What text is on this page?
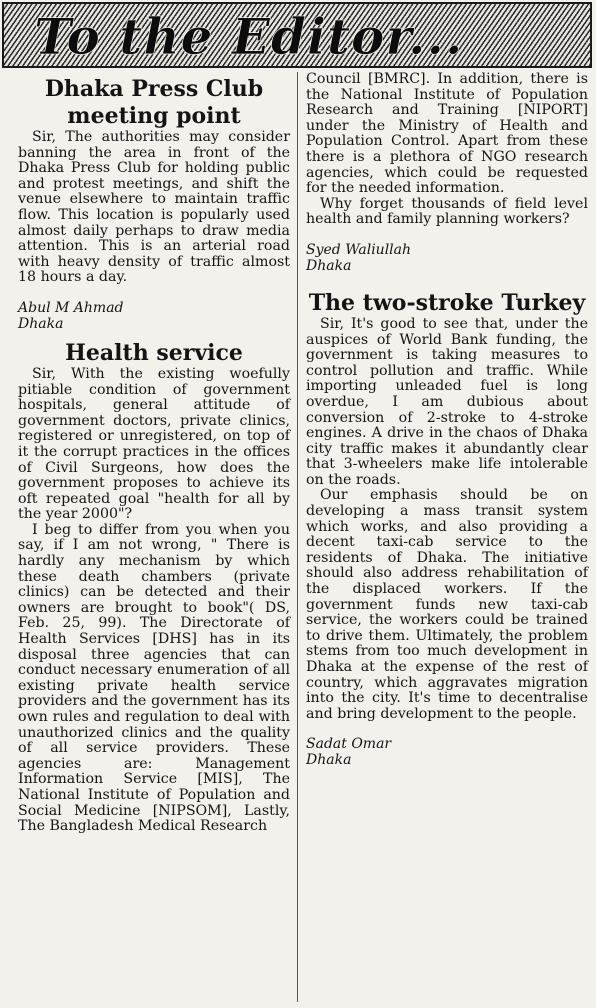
To the Editor...
Dhaka Press Club meeting point

Sir, The authorities may consider banning the area in front of the Dhaka Press Club for holding public and protest meetings, and shift the venue elsewhere to maintain traffic flow. This location is popularly used almost daily perhaps to draw media attention. This is an arterial road with heavy density of traffic almost 18 hours a day.

Abul M Ahmad

Dhaka

Health service

Sir, With the existing woefully pitiable condition of government hospitals, general attitude of government doctors, private clinics, registered or unregistered, on top of it the corrupt practices in the offices of Civil Surgeons, how does the government proposes to achieve its oft repeated goal "health for all by the year 2000"?

I beg to differ from you when you say, if I am not wrong, " There is hardly any mechanism by which these death chambers (private clinics) can be detected and their owners are brought to book"( DS, Feb. 25, 99). The Directorate of Health Services [DHS] has in its disposal three agencies that can conduct necessary enumeration of all existing private health service providers and the government has its own rules and regulation to deal with unauthorized clinics and the quality of all service providers. These agencies are: Management Information Service [MIS], The National Institute of Population and Social Medicine [NIPSOM], Lastly, The Bangladesh Medical Research

Council [BMRC]. In addition, there is the National Institute of Population Research and Training [NIPORT] under the Ministry of Health and Population Control. Apart from these there is a plethora of NGO research agencies, which could be requested for the needed information.

Why forget thousands of field level health and family planning workers?

Syed Waliullah

Dhaka

The two-stroke Turkey

Sir, It's good to see that, under the auspices of World Bank funding, the government is taking measures to control pollution and traffic. While importing unleaded fuel is long overdue, I am dubious about conversion of 2-stroke to 4-stroke engines. A drive in the chaos of Dhaka city traffic makes it abundantly clear that 3-wheelers make life intolerable on the roads.

Our emphasis should be on developing a mass transit system which works, and also providing a decent taxi-cab service to the residents of Dhaka. The initiative should also address rehabilitation of the displaced workers. If the government funds new taxi-cab service, the workers could be trained to drive them. Ultimately, the problem stems from too much development in Dhaka at the expense of the rest of country, which aggravates migration into the city. It's time to decentralise and bring development to the people.

Sadat Omar

Dhaka
